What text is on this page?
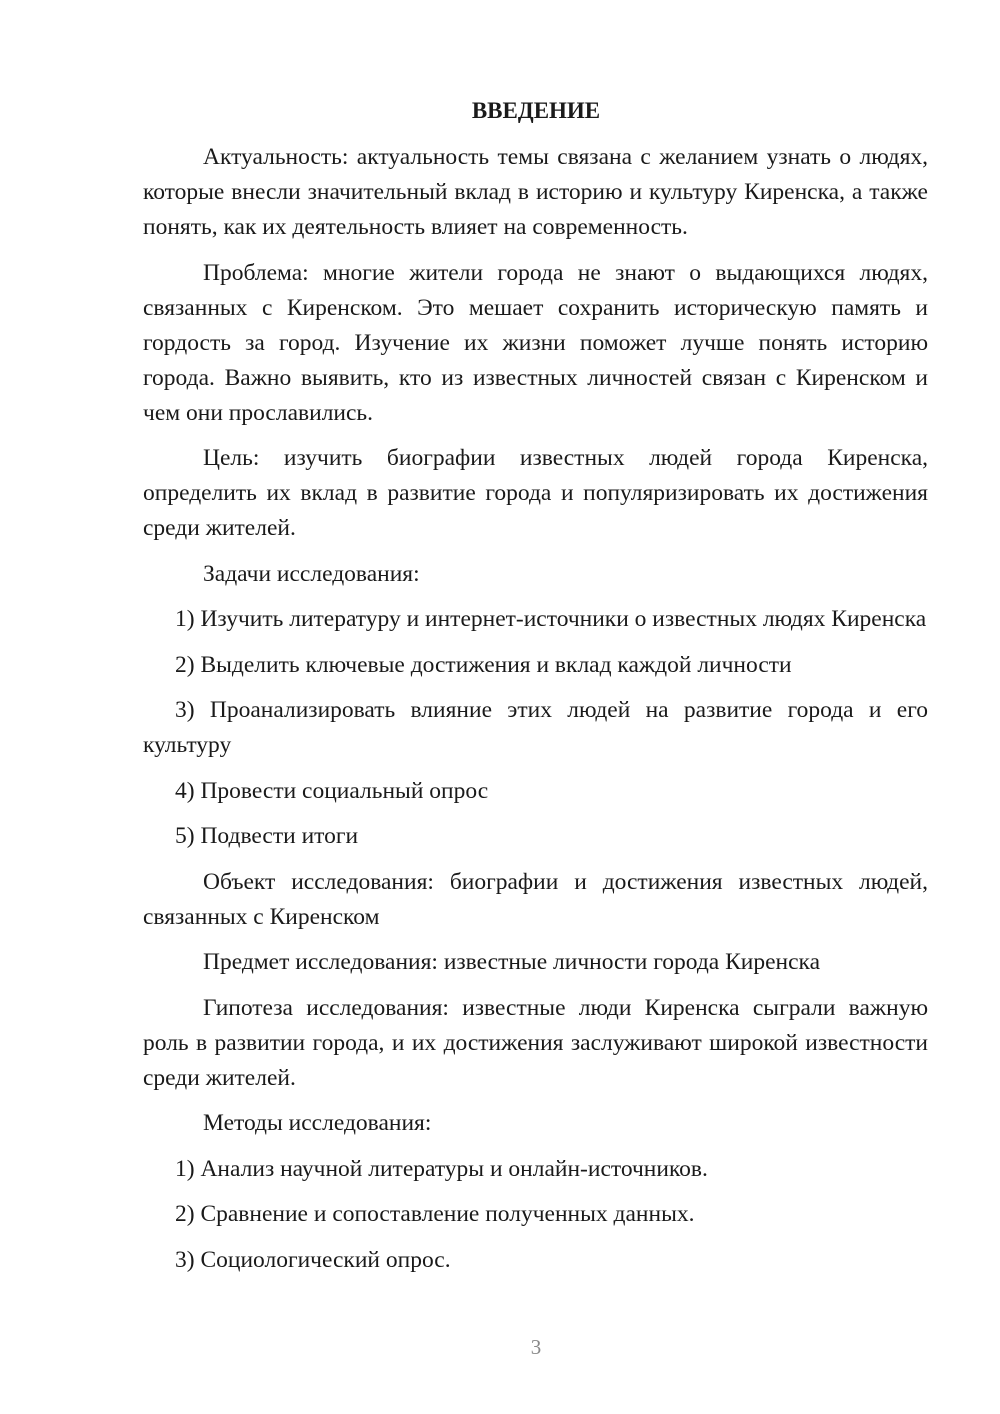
ВВЕДЕНИЕ

Актуальность: актуальность темы связана с желанием узнать о людях, которые внесли значительный вклад в историю и культуру Киренска, а также понять, как их деятельность влияет на современность.

Проблема: многие жители города не знают о выдающихся людях, связанных с Киренском. Это мешает сохранить историческую память и гордость за город. Изучение их жизни поможет лучше понять историю города. Важно выявить, кто из известных личностей связан с Киренском и чем они прославились.

Цель: изучить биографии известных людей города Киренска, определить их вклад в развитие города и популяризировать их достижения среди жителей.

Задачи исследования:

1) Изучить литературу и интернет-источники о известных людях Киренска

2) Выделить ключевые достижения и вклад каждой личности

3) Проанализировать влияние этих людей на развитие города и его культуру

4) Провести социальный опрос

5) Подвести итоги

Объект исследования: биографии и достижения известных людей, связанных с Киренском

Предмет исследования: известные личности города Киренска

Гипотеза исследования: известные люди Киренска сыграли важную роль в развитии города, и их достижения заслуживают широкой известности среди жителей.

Методы исследования:

1) Анализ научной литературы и онлайн-источников.

2) Сравнение и сопоставление полученных данных.

3) Социологический опрос.

3
